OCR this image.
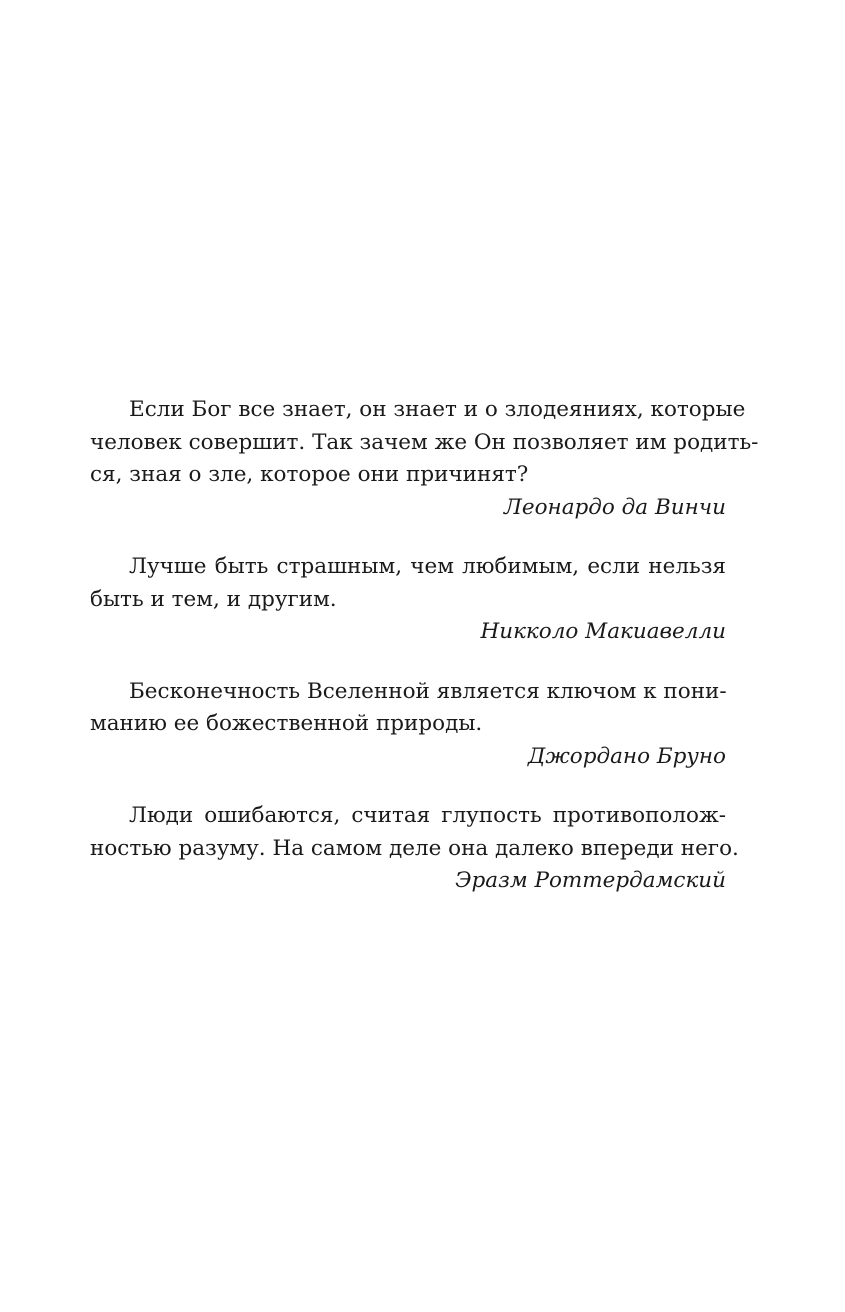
Если Бог все знает, он знает и о злодеяниях, которые
человек совершит. Так зачем же Он позволяет им родить-
ся, зная о зле, которое они причинят?
Леонардо да Винчи
Лучше быть страшным, чем любимым, если нельзя
быть и тем, и другим.
Никколо Макиавелли
Бесконечность Вселенной является ключом к пони-
манию ее божественной природы.
Джордано Бруно
Люди ошибаются, считая глупость противополож-
ностью разуму. На самом деле она далеко впереди него.
Эразм Роттердамский
